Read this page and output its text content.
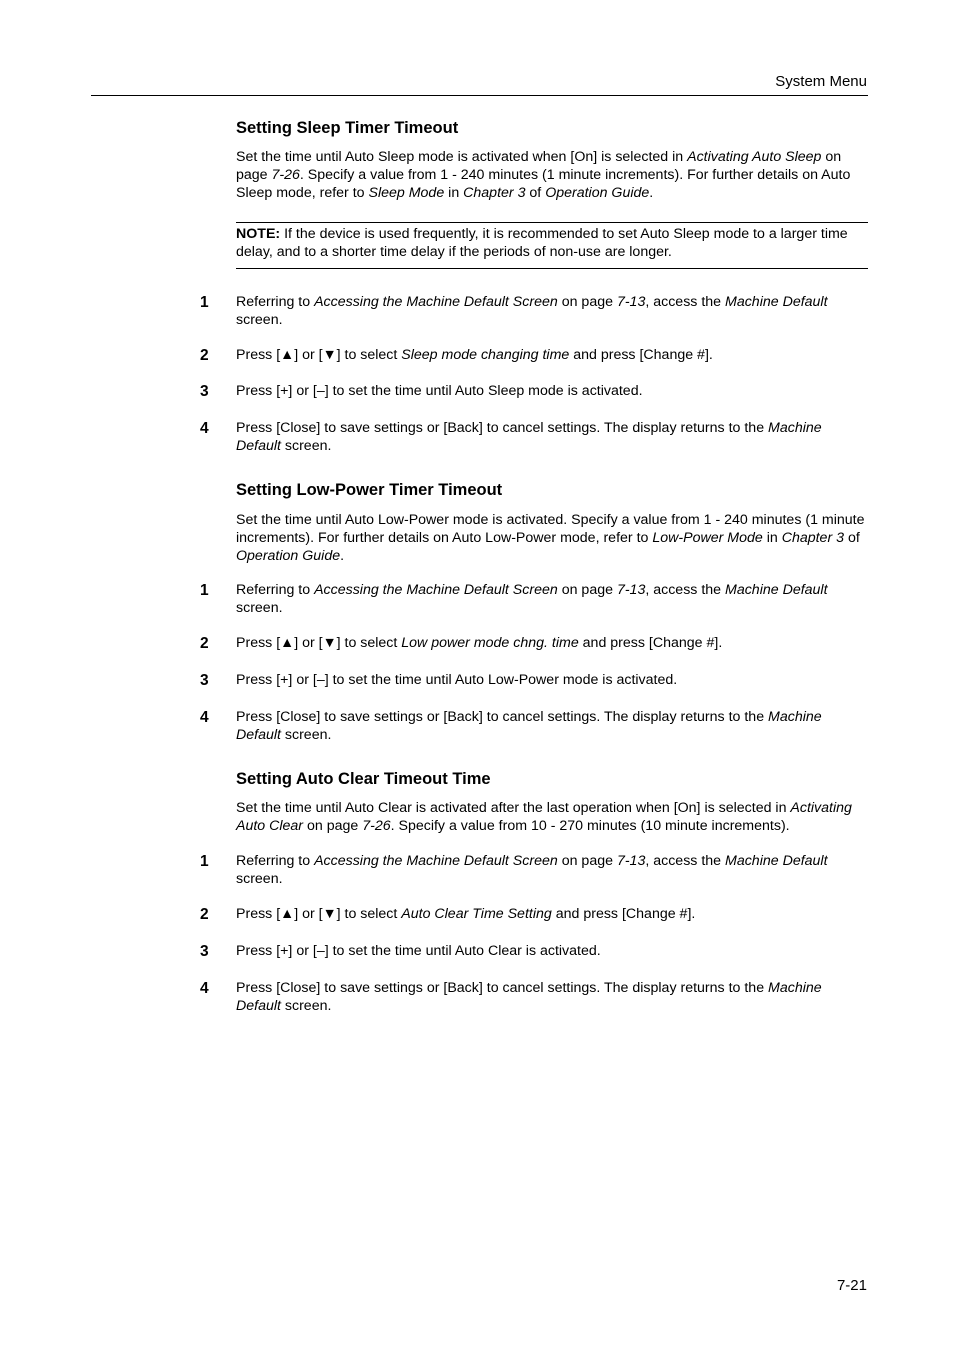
System Menu
Setting Sleep Timer Timeout

Set the time until Auto Sleep mode is activated when [On] is selected in Activating Auto Sleep on page 7-26. Specify a value from 1 - 240 minutes (1 minute increments). For further details on Auto Sleep mode, refer to Sleep Mode in Chapter 3 of Operation Guide.

NOTE: If the device is used frequently, it is recommended to set Auto Sleep mode to a larger time delay, and to a shorter time delay if the periods of non-use are longer.
1 Referring to Accessing the Machine Default Screen on page 7-13, access the Machine Default screen.

2 Press [▲] or [▼] to select Sleep mode changing time and press [Change #].

3 Press [+] or [–] to set the time until Auto Sleep mode is activated.

4 Press [Close] to save settings or [Back] to cancel settings. The display returns to the Machine Default screen.

Setting Low-Power Timer Timeout

Set the time until Auto Low-Power mode is activated. Specify a value from 1 - 240 minutes (1 minute increments). For further details on Auto Low-Power mode, refer to Low-Power Mode in Chapter 3 of Operation Guide.

1 Referring to Accessing the Machine Default Screen on page 7-13, access the Machine Default screen.

2 Press [▲] or [▼] to select Low power mode chng. time and press [Change #].

3 Press [+] or [–] to set the time until Auto Low-Power mode is activated.

4 Press [Close] to save settings or [Back] to cancel settings. The display returns to the Machine Default screen.

Setting Auto Clear Timeout Time

Set the time until Auto Clear is activated after the last operation when [On] is selected in Activating Auto Clear on page 7-26. Specify a value from 10 - 270 minutes (10 minute increments).

1 Referring to Accessing the Machine Default Screen on page 7-13, access the Machine Default screen.

2 Press [▲] or [▼] to select Auto Clear Time Setting and press [Change #].

3 Press [+] or [–] to set the time until Auto Clear is activated.

4 Press [Close] to save settings or [Back] to cancel settings. The display returns to the Machine Default screen.

7-21
